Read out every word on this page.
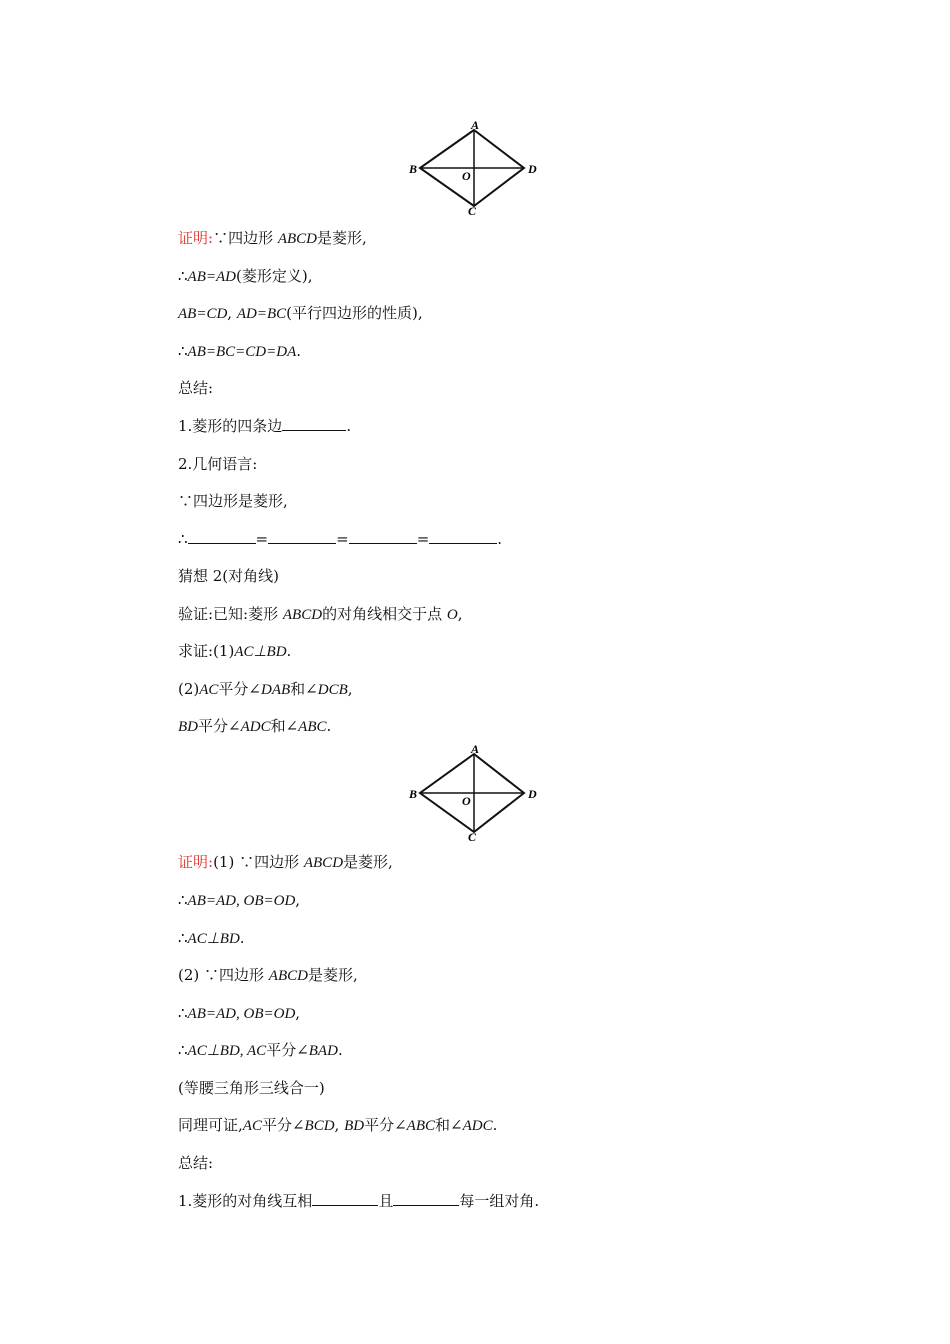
A
B
C
D
O
证明:∵四边形 ABCD是菱形,
∴AB=AD(菱形定义),
AB=CD, AD=BC(平行四边形的性质),
∴AB=BC=CD=DA.
总结:
1.菱形的四条边	.
2.几何语言:
∵四边形是菱形,
∴	=	=	=	.
猜想 2(对角线)
验证:已知:菱形 ABCD的对角线相交于点 O,
求证:(1)AC⊥BD.
(2)AC平分∠DAB和∠DCB,
BD平分∠ADC和∠ABC.
A
B
C
D
O
证明:(1) ∵四边形 ABCD是菱形,
∴AB=AD, OB=OD,
∴AC⊥BD.
(2) ∵四边形 ABCD是菱形,
∴AB=AD, OB=OD,
∴AC⊥BD, AC平分∠BAD.
(等腰三角形三线合一)
同理可证,AC平分∠BCD, BD平分∠ABC和∠ADC.
总结:
1.菱形的对角线互相	且	每一组对角.
